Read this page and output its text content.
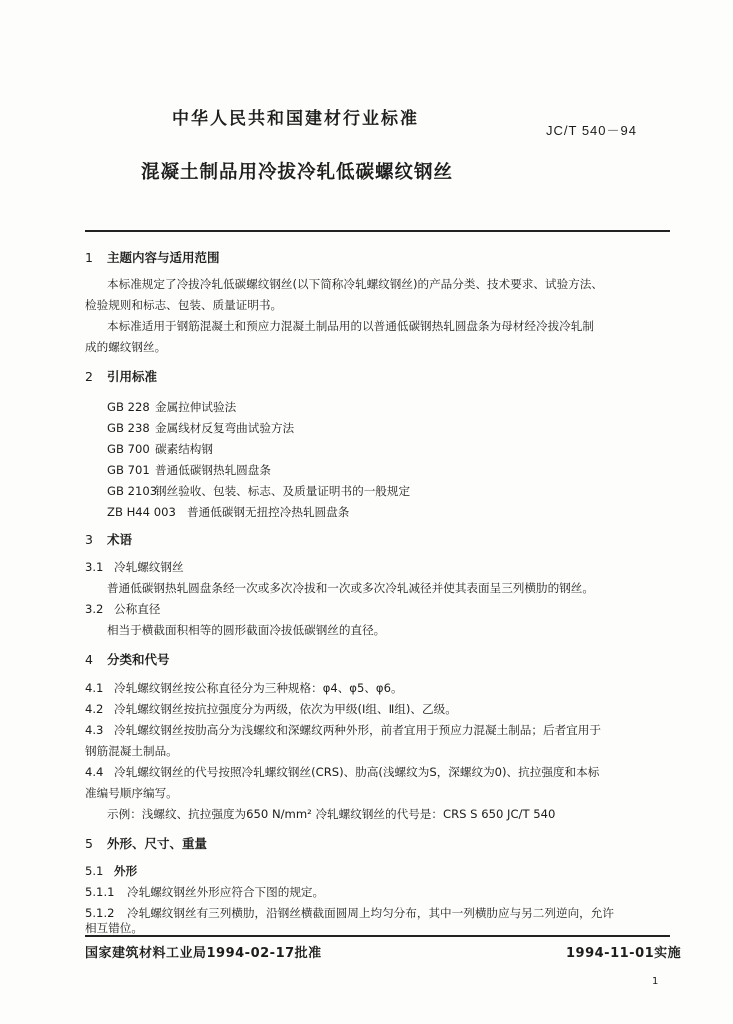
中华人民共和国建材行业标准
JC/T 540－94
混凝土制品用冷拔冷轧低碳螺纹钢丝
1 主题内容与适用范围
本标准规定了冷拔冷轧低碳螺纹钢丝(以下简称冷轧螺纹钢丝)的产品分类、技术要求、试验方法、
检验规则和标志、包装、质量证明书。
本标准适用于钢筋混凝土和预应力混凝土制品用的以普通低碳钢热轧圆盘条为母材经冷拔冷轧制
成的螺纹钢丝。
2 引用标准
GB 228 金属拉伸试验法
GB 238 金属线材反复弯曲试验方法
GB 700 碳素结构钢
GB 701 普通低碳钢热轧圆盘条
GB 2103钢丝验收、包装、标志、及质量证明书的一般规定
ZB H44 003 普通低碳钢无扭控冷热轧圆盘条
3 术语
3.1 冷轧螺纹钢丝
普通低碳钢热轧圆盘条经一次或多次冷拔和一次或多次冷轧减径并使其表面呈三列横肋的钢丝。
3.2 公称直径
相当于横截面积相等的圆形截面冷拔低碳钢丝的直径。
4 分类和代号
4.1 冷轧螺纹钢丝按公称直径分为三种规格：φ4、φ5、φ6。
4.2 冷轧螺纹钢丝按抗拉强度分为两级，依次为甲级(Ⅰ组、Ⅱ组)、乙级。
4.3 冷轧螺纹钢丝按肋高分为浅螺纹和深螺纹两种外形，前者宜用于预应力混凝土制品；后者宜用于
钢筋混凝土制品。
4.4 冷轧螺纹钢丝的代号按照冷轧螺纹钢丝(CRS)、肋高(浅螺纹为S，深螺纹为0)、抗拉强度和本标
准编号顺序编写。
示例：浅螺纹、抗拉强度为650 N/mm² 冷轧螺纹钢丝的代号是：CRS S 650 JC/T 540
5 外形、尺寸、重量
5.1 外形
5.1.1 冷轧螺纹钢丝外形应符合下图的规定。
5.1.2 冷轧螺纹钢丝有三列横肋，沿钢丝横截面圆周上均匀分布，其中一列横肋应与另二列逆向，允许
相互错位。
国家建筑材料工业局1994-02-17批准	1994-11-01实施
1
